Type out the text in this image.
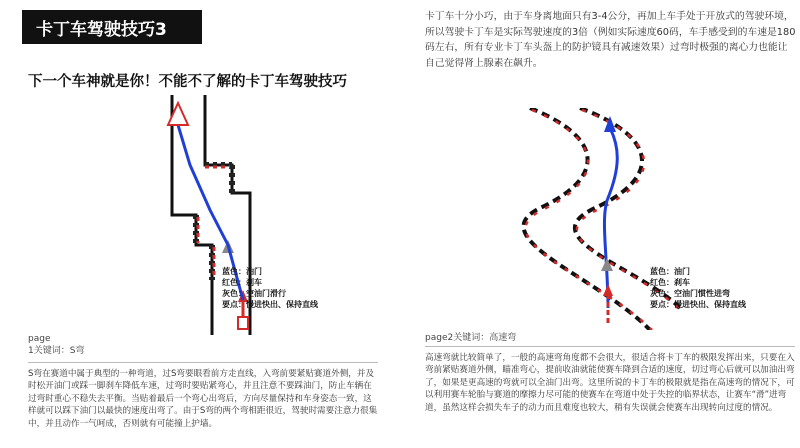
卡丁车驾驶技巧3
下一个车神就是你！不能不了解的卡丁车驾驶技巧
卡丁车十分小巧，由于车身离地面只有3-4公分，再加上车手处于开放式的驾驶环境，所以驾驶卡丁车是实际驾驶速度的3倍（例如实际速度60码，车手感受到的车速是180码左右，所有专业卡丁车头盔上的防护镜具有减速效果）过弯时极强的离心力也能让自己觉得肾上腺素在飙升。
蓝色：油门
红色：刹车
灰色：空油门滑行
要点：慢进快出、保持直线
page
1关键词：S弯
S弯在赛道中属于典型的一种弯道，过S弯要眼看前方走直线，入弯前要紧贴赛道外侧，并及时松开油门或踩一脚刹车降低车速，过弯时要贴紧弯心，并且注意不要踩油门，防止车辆在过弯时重心不稳失去平衡。当贴着最后一个弯心出弯后，方向尽量保持和车身姿态一致，这样就可以踩下油门以最快的速度出弯了。由于S弯的两个弯相距很近，驾驶时需要注意力很集中，并且动作一气呵成，否则就有可能撞上护墙。
蓝色：油门
红色：刹车
灰色：空油门惯性进弯
要点：慢进快出、保持直线
page2关键词：高速弯
高速弯就比较简单了，一般的高速弯角度都不会很大，很适合将卡丁车的极限发挥出来，只要在入弯前紧贴赛道外侧，瞄准弯心，提前收油就能使赛车降到合适的速度，切过弯心后就可以加油出弯了，如果是更高速的弯就可以全油门出弯。这里所说的卡丁车的极限就是指在高速弯的情况下，可以利用赛车轮胎与赛道的摩擦力尽可能的使赛车在弯道中处于失控的临界状态，让赛车“滑”进弯道，虽然这样会损失车子的动力而且难度也较大，稍有失误就会使赛车出现转向过度的情况。
